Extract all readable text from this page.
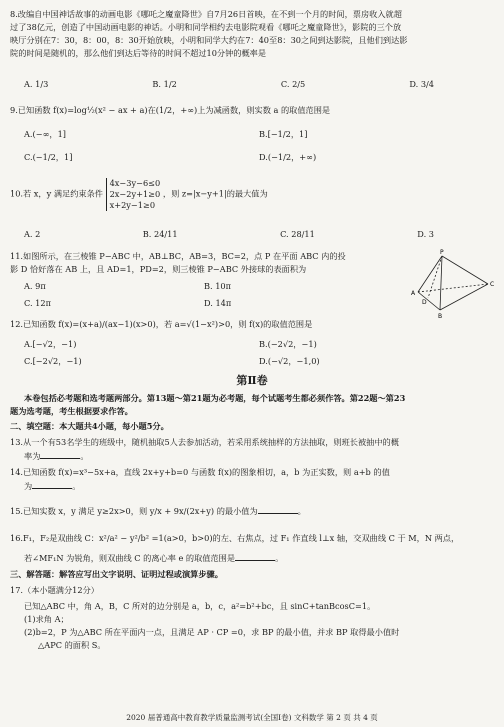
8.改编自中国神话故事的动画电影《哪吒之魔童降世》自7月26日首映，在不到一个月的时间，票房收入就超

过了38亿元，创造了中国动画电影的神话。小明和同学相约去电影院观看《哪吒之魔童降世》，影院的三个放

映厅分别在7：30，8：00，8：30开始放映，小明和同学大约在7：40至8：30之间到达影院，且他们到达影

院的时间是随机的，那么他们到达后等待的时间不超过10分钟的概率是

A. 1/3	B. 1/2	C. 2/5	D. 3/4

9.已知函数 f(x)=log½(x² − ax + a)在(1/2，+∞)上为减函数，则实数 a 的取值范围是

A.(−∞，1]	B.[−1/2，1]
C.(−1/2，1]	D.(−1/2，+∞)
10.若 x，y 满足约束条件
4x−3y−6≤0
2x−2y+1≥0
x+2y−1≥0
，则 z=|x−y+1|的最大值为
A. 2	B. 24/11	C. 28/11	D. 3

11.如图所示，在三棱锥 P−ABC 中，AB⊥BC，AB=3，BC=2，点 P 在平面 ABC 内的投

影 D 恰好落在 AB 上，且 AD=1，PD=2，则三棱锥 P−ABC 外接球的表面积为

A. 9π	B. 10π
C. 12π	D. 14π
P
A
B
C
D

12.已知函数 f(x)=(x+a)/(ax−1)(x>0)，若 a=√(1−x²)>0，则 f(x)的取值范围是

A.[−√2，−1)	B.(−2√2，−1)
C.[−2√2，−1)	D.(−√2，−1,0)
第Ⅱ卷

本卷包括必考题和选考题两部分。第13题～第21题为必考题，每个试题考生都必须作答。第22题～第23

题为选考题，考生根据要求作答。

二、填空题：本大题共4小题，每小题5分。

13.从一个有53名学生的班级中，随机抽取5人去参加活动，若采用系统抽样的方法抽取，则班长被抽中的概

率为	。

14.已知函数 f(x)=x³−5x+a，直线 2x+y+b=0 与函数 f(x)的图象相切，a，b 为正实数，则 a+b 的值

为	。

15.已知实数 x，y 满足 y≥2x>0，则 y/x + 9x/(2x+y) 的最小值为	。

16.F₁，F₂是双曲线 C：x²/a² − y²/b² =1(a>0，b>0)的左、右焦点，过 F₁ 作直线 l⊥x 轴，交双曲线 C 于 M，N 两点，

若∠MF₁N 为锐角，则双曲线 C 的离心率 e 的取值范围是	。

三、解答题：解答应写出文字说明、证明过程或演算步骤。

17.（本小题满分12分）

已知△ABC 中，角 A，B，C 所对的边分别是 a，b，c，a²=b²+bc，且 sinC+tanBcosC=1。

(1)求角 A；

(2)b=2，P 为△ABC 所在平面内一点，且满足 AP · CP =0，求 BP 的最小值，并求 BP 取得最小值时

△APC 的面积 S。

2020 届普通高中教育教学质量监测考试(全国Ⅰ卷) 文科数学 第 2 页 共 4 页
